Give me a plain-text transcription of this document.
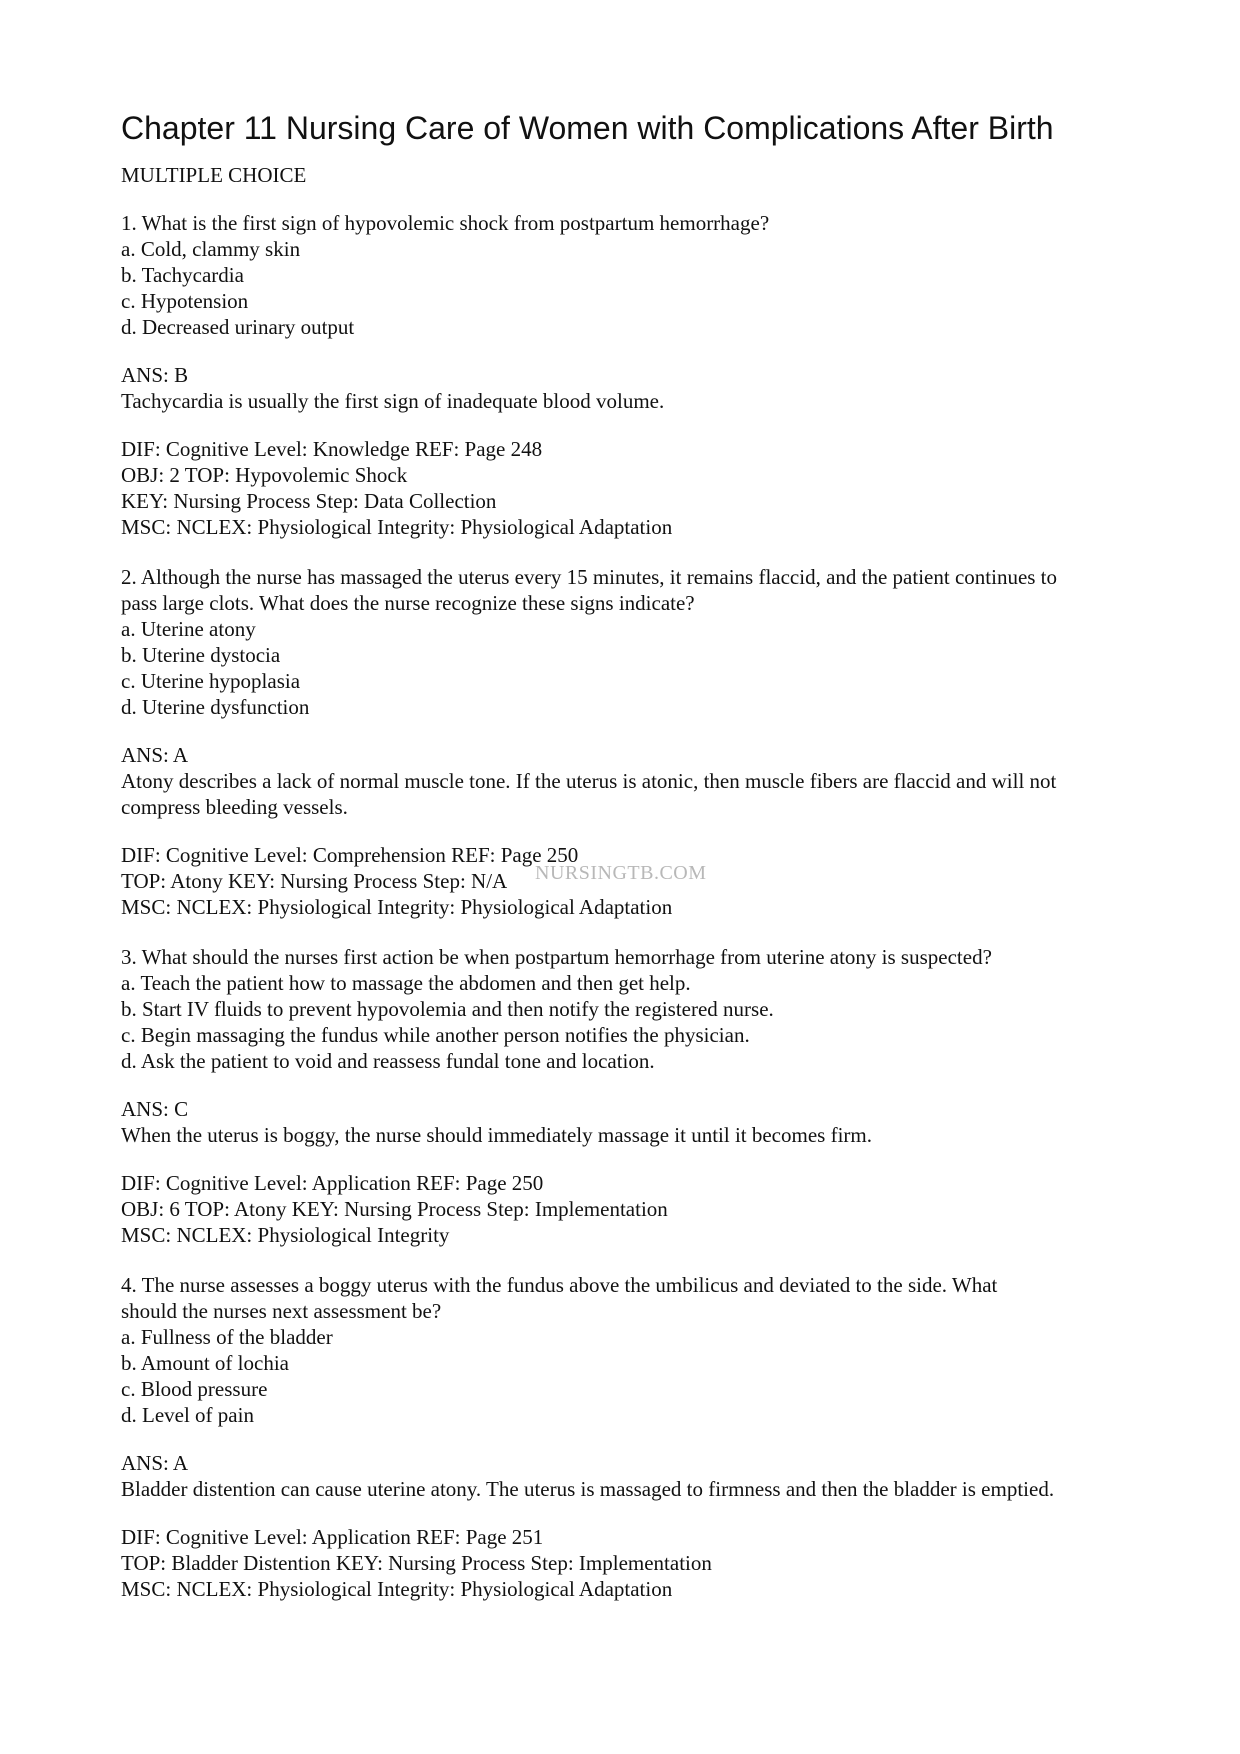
Chapter 11 Nursing Care of Women with Complications After Birth
MULTIPLE CHOICE
1. What is the first sign of hypovolemic shock from postpartum hemorrhage?
a. Cold, clammy skin
b. Tachycardia
c. Hypotension
d. Decreased urinary output
ANS: B
Tachycardia is usually the first sign of inadequate blood volume.
DIF: Cognitive Level: Knowledge REF: Page 248
OBJ: 2 TOP: Hypovolemic Shock
KEY: Nursing Process Step: Data Collection
MSC: NCLEX: Physiological Integrity: Physiological Adaptation
2. Although the nurse has massaged the uterus every 15 minutes, it remains flaccid, and the patient continues to
pass large clots. What does the nurse recognize these signs indicate?
a. Uterine atony
b. Uterine dystocia
c. Uterine hypoplasia
d. Uterine dysfunction
ANS: A
Atony describes a lack of normal muscle tone. If the uterus is atonic, then muscle fibers are flaccid and will not
compress bleeding vessels.
DIF: Cognitive Level: Comprehension REF: Page 250
TOP: Atony KEY: Nursing Process Step: N/A
MSC: NCLEX: Physiological Integrity: Physiological Adaptation
3. What should the nurses first action be when postpartum hemorrhage from uterine atony is suspected?
a. Teach the patient how to massage the abdomen and then get help.
b. Start IV fluids to prevent hypovolemia and then notify the registered nurse.
c. Begin massaging the fundus while another person notifies the physician.
d. Ask the patient to void and reassess fundal tone and location.
ANS: C
When the uterus is boggy, the nurse should immediately massage it until it becomes firm.
DIF: Cognitive Level: Application REF: Page 250
OBJ: 6 TOP: Atony KEY: Nursing Process Step: Implementation
MSC: NCLEX: Physiological Integrity
4. The nurse assesses a boggy uterus with the fundus above the umbilicus and deviated to the side. What
should the nurses next assessment be?
a. Fullness of the bladder
b. Amount of lochia
c. Blood pressure
d. Level of pain
ANS: A
Bladder distention can cause uterine atony. The uterus is massaged to firmness and then the bladder is emptied.
DIF: Cognitive Level: Application REF: Page 251
TOP: Bladder Distention KEY: Nursing Process Step: Implementation
MSC: NCLEX: Physiological Integrity: Physiological Adaptation
NURSINGTB.COM
